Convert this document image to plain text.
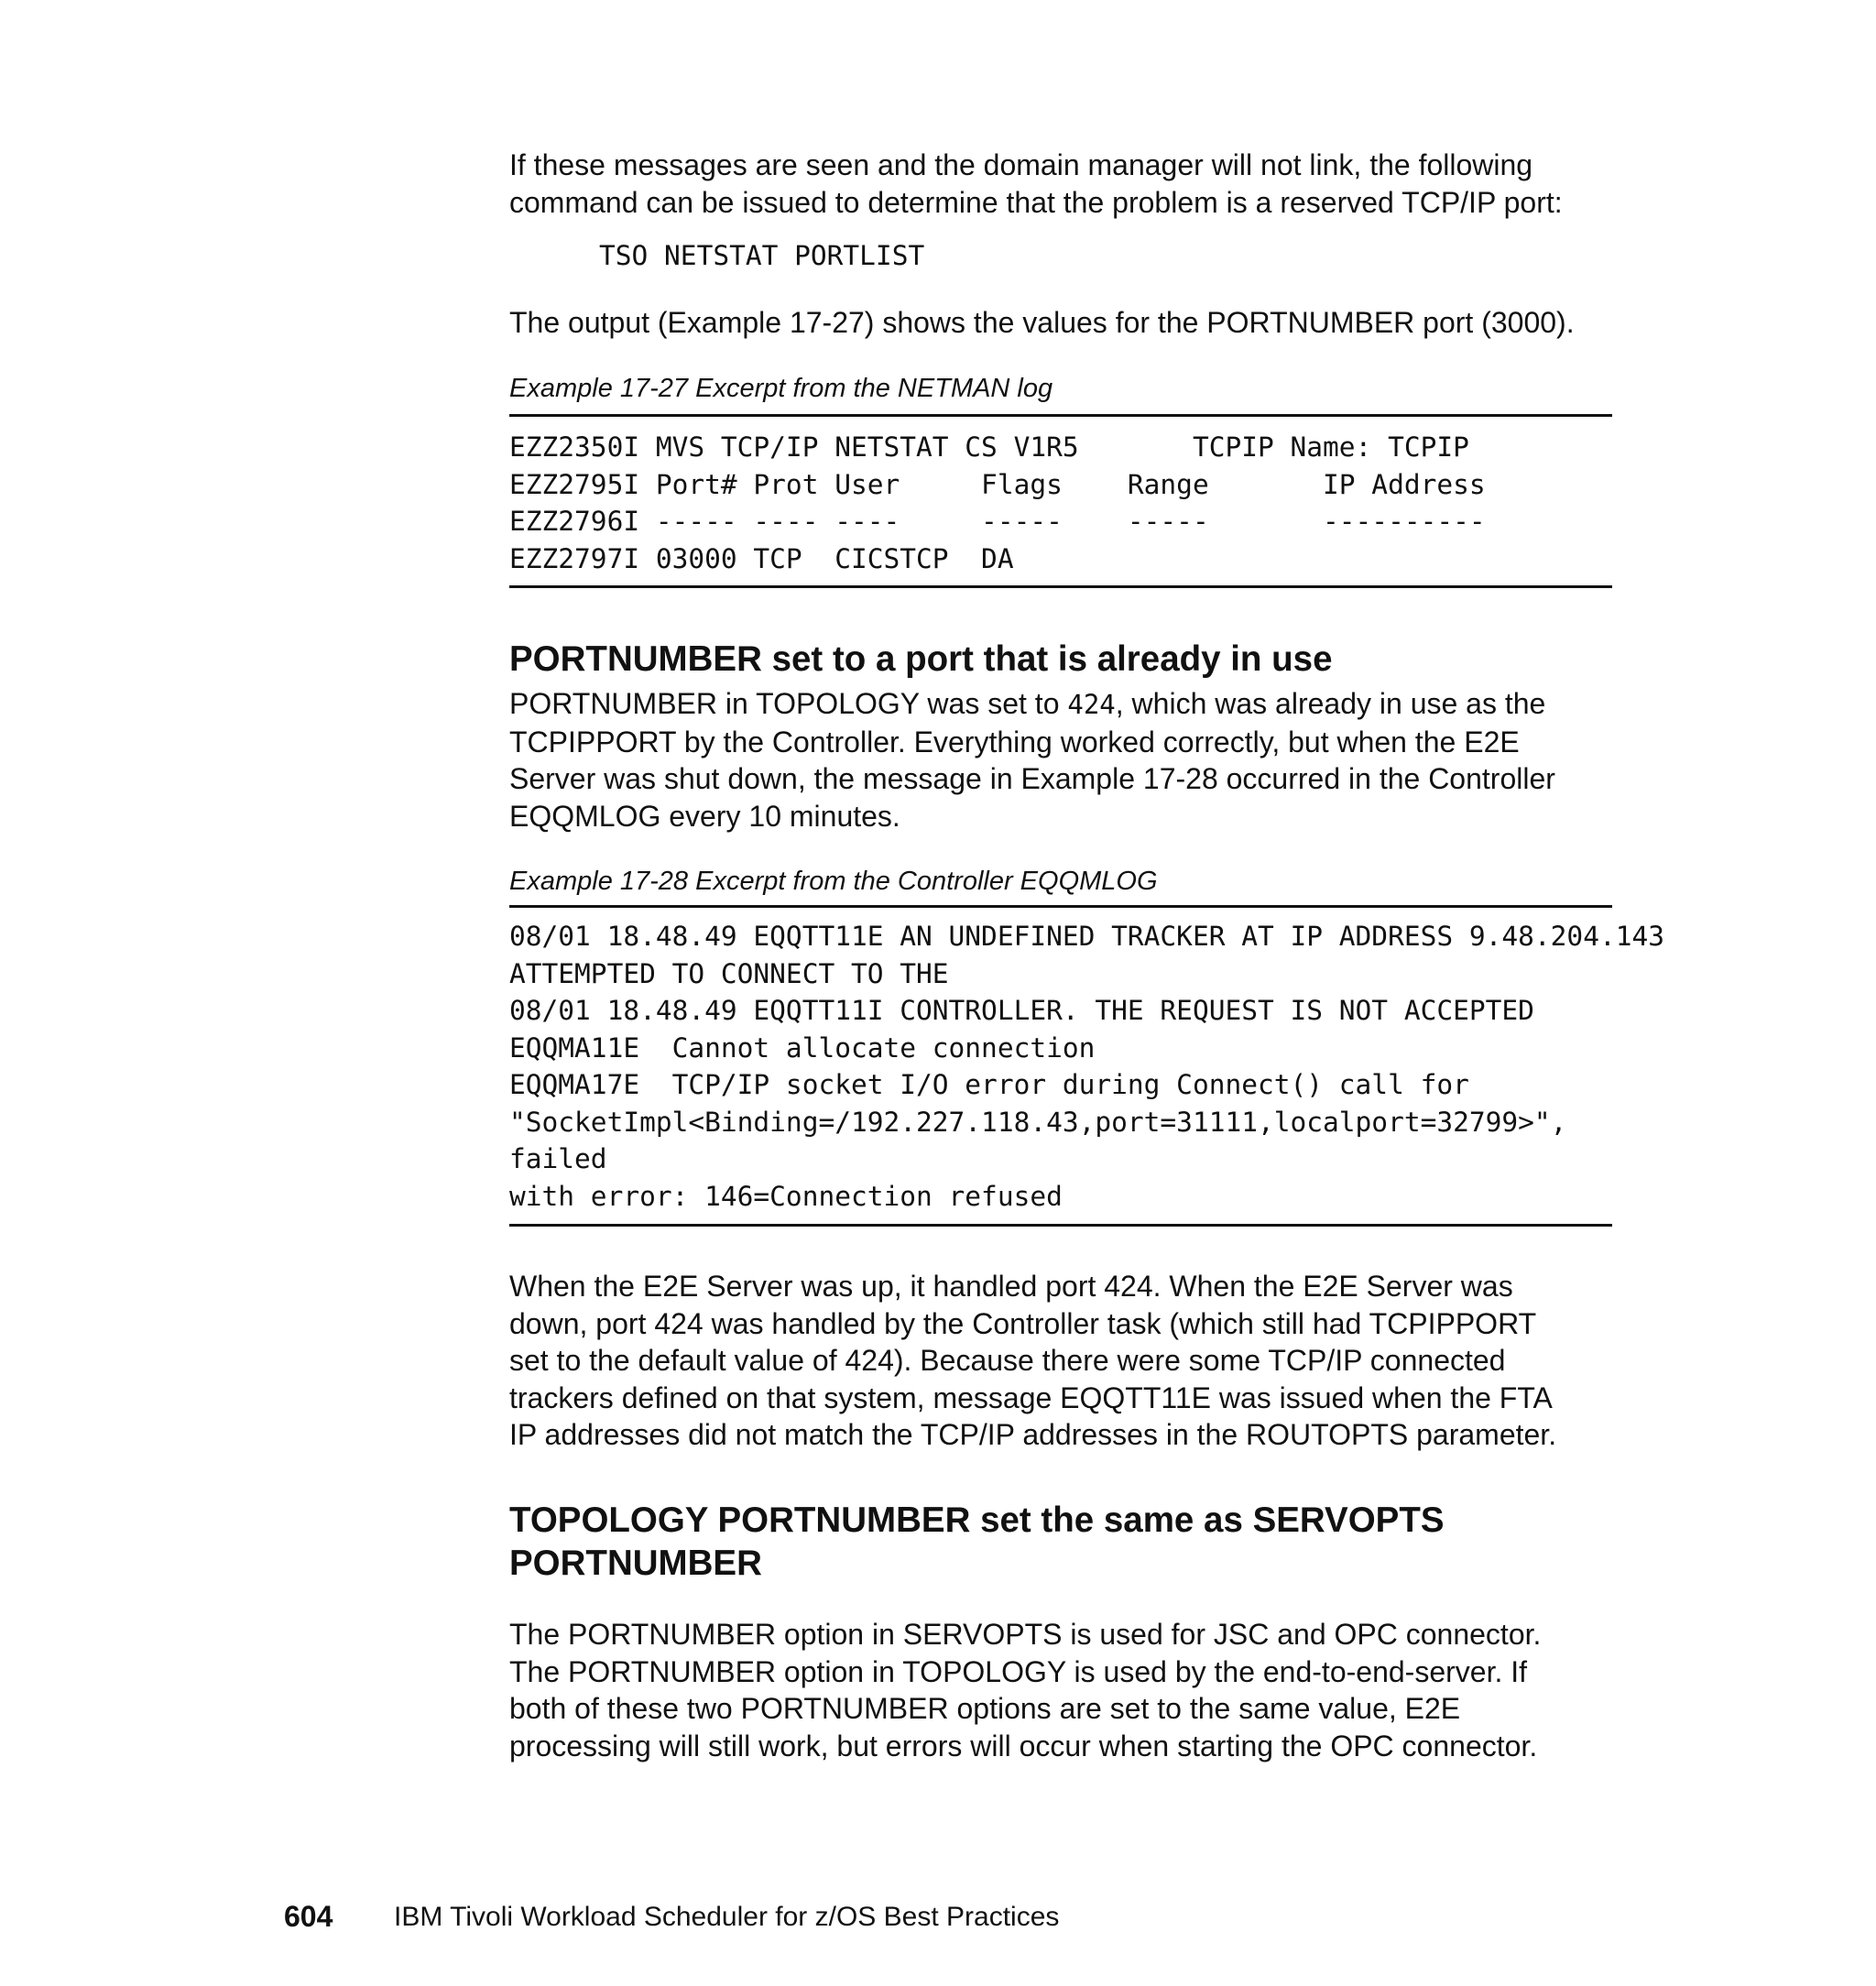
If these messages are seen and the domain manager will not link, the following

command can be issued to determine that the problem is a reserved TCP/IP port:

TSO NETSTAT PORTLIST

The output (Example 17-27) shows the values for the PORTNUMBER port (3000).

Example 17-27 Excerpt from the NETMAN log

EZZ2350I MVS TCP/IP NETSTAT CS V1R5       TCPIP Name: TCPIP

EZZ2795I Port# Prot User     Flags    Range       IP Address

EZZ2796I ----- ---- ----     -----    -----       ----------

EZZ2797I 03000 TCP  CICSTCP  DA

PORTNUMBER set to a port that is already in use

PORTNUMBER in TOPOLOGY was set to 424, which was already in use as the

TCPIPPORT by the Controller. Everything worked correctly, but when the E2E

Server was shut down, the message in Example 17-28 occurred in the Controller

EQQMLOG every 10 minutes.

Example 17-28 Excerpt from the Controller EQQMLOG

08/01 18.48.49 EQQTT11E AN UNDEFINED TRACKER AT IP ADDRESS 9.48.204.143

ATTEMPTED TO CONNECT TO THE

08/01 18.48.49 EQQTT11I CONTROLLER. THE REQUEST IS NOT ACCEPTED

EQQMA11E  Cannot allocate connection

EQQMA17E  TCP/IP socket I/O error during Connect() call for

"SocketImpl<Binding=/192.227.118.43,port=31111,localport=32799>",

failed

with error: 146=Connection refused

When the E2E Server was up, it handled port 424. When the E2E Server was

down, port 424 was handled by the Controller task (which still had TCPIPPORT

set to the default value of 424). Because there were some TCP/IP connected

trackers defined on that system, message EQQTT11E was issued when the FTA

IP addresses did not match the TCP/IP addresses in the ROUTOPTS parameter.

TOPOLOGY PORTNUMBER set the same as SERVOPTS
PORTNUMBER

The PORTNUMBER option in SERVOPTS is used for JSC and OPC connector.

The PORTNUMBER option in TOPOLOGY is used by the end-to-end-server. If

both of these two PORTNUMBER options are set to the same value, E2E

processing will still work, but errors will occur when starting the OPC connector.

604 IBM Tivoli Workload Scheduler for z/OS Best Practices
